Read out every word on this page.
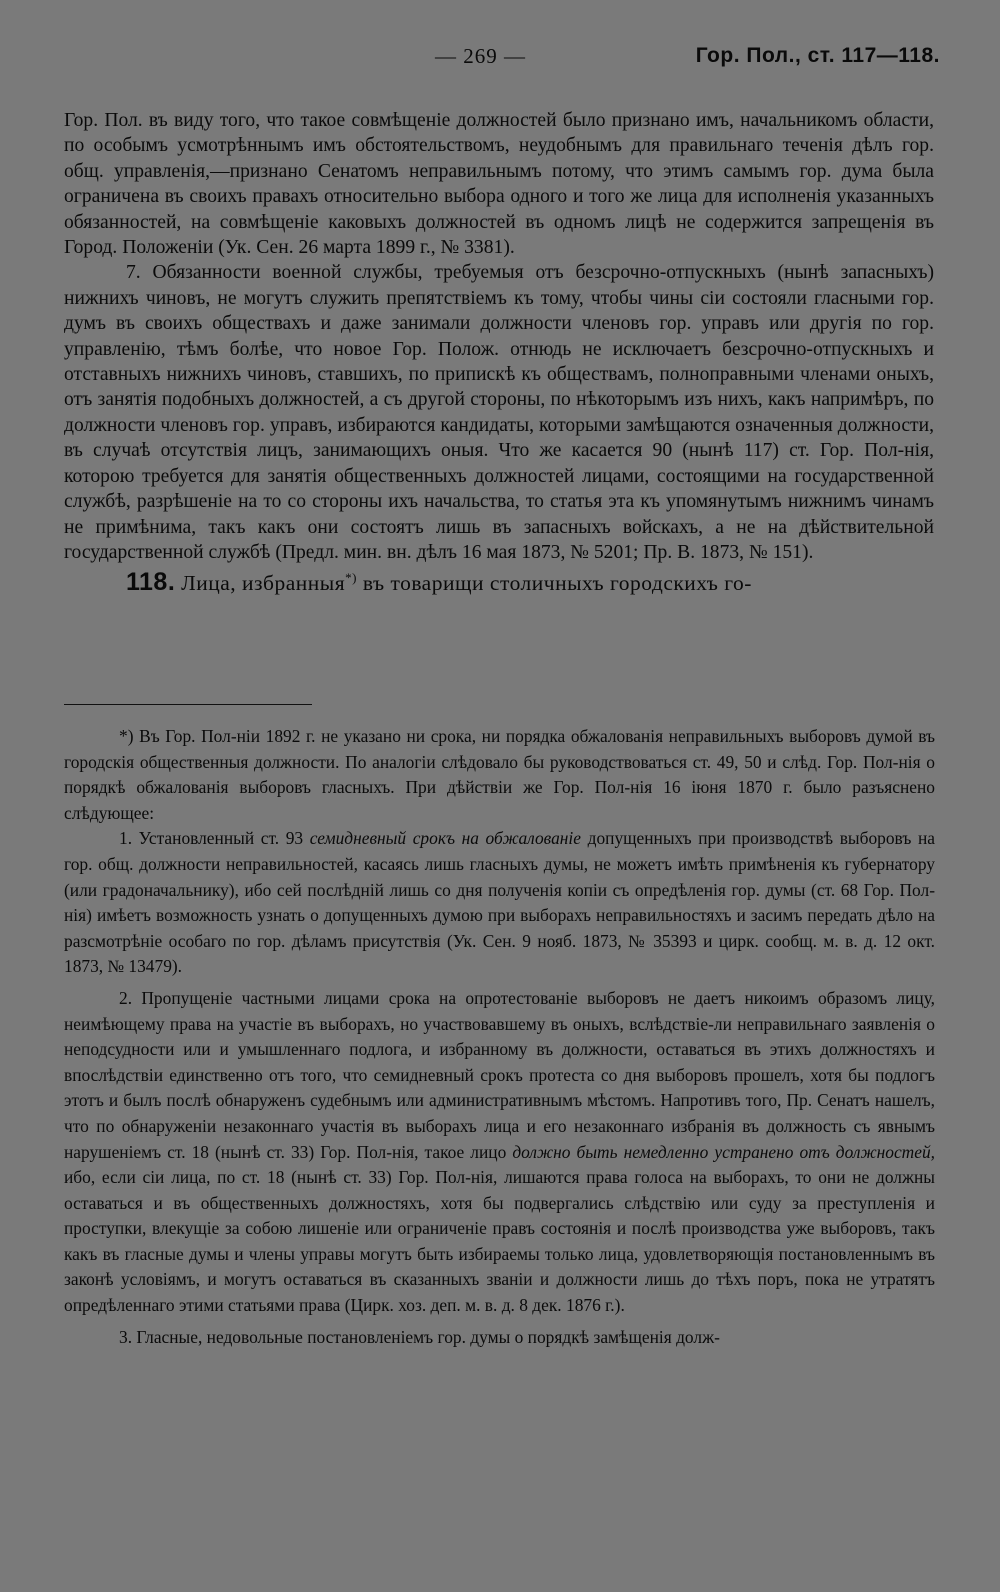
— 269 —	Гор. Пол., ст. 117—118.

Гор. Пол. въ виду того, что такое совмѣщеніе должностей было признано имъ, начальникомъ области, по особымъ усмотрѣннымъ имъ обстоятельствомъ, неудобнымъ для правильнаго теченія дѣлъ гор. общ. управленія,—признано Сенатомъ неправильнымъ потому, что этимъ самымъ гор. дума была ограничена въ своихъ правахъ относительно выбора одного и того же лица для исполненія указанныхъ обязанностей, на совмѣщеніе каковыхъ должностей въ одномъ лицѣ не содержится запрещенія въ Город. Положеніи (Ук. Сен. 26 марта 1899 г., № 3381).

7. Обязанности военной службы, требуемыя отъ безсрочно-отпускныхъ (нынѣ запасныхъ) нижнихъ чиновъ, не могутъ служить препятствіемъ къ тому, чтобы чины сіи состояли гласными гор. думъ въ своихъ обществахъ и даже занимали должности членовъ гор. управъ или другія по гор. управленію, тѣмъ болѣе, что новое Гор. Полож. отнюдь не исключаетъ безсрочно-отпускныхъ и отставныхъ нижнихъ чиновъ, ставшихъ, по припискѣ къ обществамъ, полноправными членами оныхъ, отъ занятія подобныхъ должностей, а съ другой стороны, по нѣкоторымъ изъ нихъ, какъ напримѣръ, по должности членовъ гор. управъ, избираются кандидаты, которыми замѣщаются означенныя должности, въ случаѣ отсутствія лицъ, занимающихъ оныя. Что же касается 90 (нынѣ 117) ст. Гор. Пол-нія, которою требуется для занятія общественныхъ должностей лицами, состоящими на государственной службѣ, разрѣшеніе на то со стороны ихъ начальства, то статья эта къ упомянутымъ нижнимъ чинамъ не примѣнима, такъ какъ они состоятъ лишь въ запасныхъ войскахъ, а не на дѣйствительной государственной службѣ (Предл. мин. вн. дѣлъ 16 мая 1873, № 5201; Пр. В. 1873, № 151).

118. Лица, избранныя*) въ товарищи столичныхъ городскихъ го-

*) Въ Гор. Пол-ніи 1892 г. не указано ни срока, ни порядка обжалованія неправильныхъ выборовъ думой въ городскія общественныя должности. По аналогіи слѣдовало бы руководствоваться ст. 49, 50 и слѣд. Гор. Пол-нія о порядкѣ обжалованія выборовъ гласныхъ. При дѣйствіи же Гор. Пол-нія 16 іюня 1870 г. было разъяснено слѣдующее:

1. Установленный ст. 93 семидневный срокъ на обжалованіе допущенныхъ при производствѣ выборовъ на гор. общ. должности неправильностей, касаясь лишь гласныхъ думы, не можетъ имѣть примѣненія къ губернатору (или градоначальнику), ибо сей послѣдній лишь со дня полученія копіи съ опредѣленія гор. думы (ст. 68 Гор. Пол-нія) имѣетъ возможность узнать о допущенныхъ думою при выборахъ неправильностяхъ и засимъ передать дѣло на разсмотрѣніе особаго по гор. дѣламъ присутствія (Ук. Сен. 9 нояб. 1873, № 35393 и цирк. сообщ. м. в. д. 12 окт. 1873, № 13479).

2. Пропущеніе частными лицами срока на опротестованіе выборовъ не даетъ никоимъ образомъ лицу, неимѣющему права на участіе въ выборахъ, но участвовавшему въ оныхъ, вслѣдствіе-ли неправильнаго заявленія о неподсудности или и умышленнаго подлога, и избранному въ должности, оставаться въ этихъ должностяхъ и впослѣдствіи единственно отъ того, что семидневный срокъ протеста со дня выборовъ прошелъ, хотя бы подлогъ этотъ и былъ послѣ обнаруженъ судебнымъ или административнымъ мѣстомъ. Напротивъ того, Пр. Сенатъ нашелъ, что по обнаруженіи незаконнаго участія въ выборахъ лица и его незаконнаго избранія въ должность съ явнымъ нарушеніемъ ст. 18 (нынѣ ст. 33) Гор. Пол-нія, такое лицо должно быть немедленно устранено отъ должностей, ибо, если сіи лица, по ст. 18 (нынѣ ст. 33) Гор. Пол-нія, лишаются права голоса на выборахъ, то они не должны оставаться и въ общественныхъ должностяхъ, хотя бы подвергались слѣдствію или суду за преступленія и проступки, влекущіе за собою лишеніе или ограниченіе правъ состоянія и послѣ производства уже выборовъ, такъ какъ въ гласные думы и члены управы могутъ быть избираемы только лица, удовлетворяющія постановленнымъ въ законѣ условіямъ, и могутъ оставаться въ сказанныхъ званіи и должности лишь до тѣхъ поръ, пока не утратятъ опредѣленнаго этими статьями права (Цирк. хоз. деп. м. в. д. 8 дек. 1876 г.).

3. Гласные, недовольные постановленіемъ гор. думы о порядкѣ замѣщенія долж-
